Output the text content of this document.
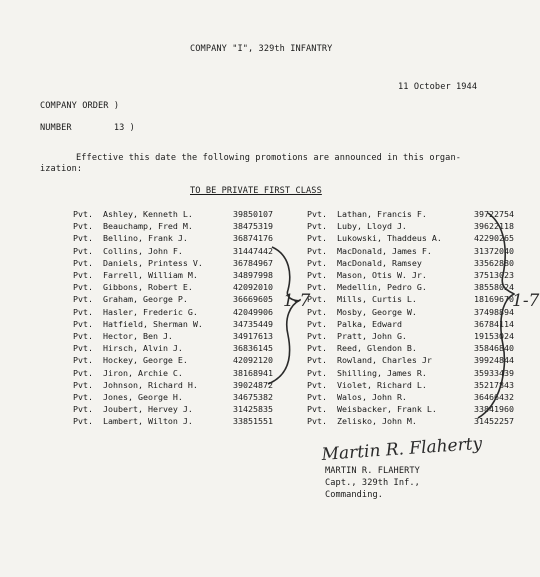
COMPANY "I", 329th INFANTRY
11 October 1944
COMPANY ORDER )
NUMBER	13 )
Effective this date the following promotions are announced in this organ-
ization:
TO BE PRIVATE FIRST CLASS
Pvt.	Ashley, Kenneth L.	39850107
Pvt.	Beauchamp, Fred M.	38475319
Pvt.	Bellino, Frank J.	36874176
Pvt.	Collins, John F.	31447442
Pvt.	Daniels, Printess V.	36784967
Pvt.	Farrell, William M.	34897998
Pvt.	Gibbons, Robert E.	42092010
Pvt.	Graham, George P.	36669605
Pvt.	Hasler, Frederic G.	42049906
Pvt.	Hatfield, Sherman W.	34735449
Pvt.	Hector, Ben J.	34917613
Pvt.	Hirsch, Alvin J.	36836145
Pvt.	Hockey, George E.	42092120
Pvt.	Jiron, Archie C.	38168941
Pvt.	Johnson, Richard H.	39024872
Pvt.	Jones, George H.	34675382
Pvt.	Joubert, Hervey J.	31425835
Pvt.	Lambert, Wilton J.	33851551
Pvt.	Lathan, Francis F.	39722754
Pvt.	Luby, Lloyd J.	39622118
Pvt.	Lukowski, Thaddeus A.	42290265
Pvt.	MacDonald, James F.	31372040
Pvt.	MacDonald, Ramsey	33562880
Pvt.	Mason, Otis W. Jr.	37513023
Pvt.	Medellin, Pedro G.	38558024
Pvt.	Mills, Curtis L.	18169670
Pvt.	Mosby, George W.	37498894
Pvt.	Palka, Edward	36784114
Pvt.	Pratt, John G.	19153024
Pvt.	Reed, Glendon B.	35846840
Pvt.	Rowland, Charles Jr	39924844
Pvt.	Shilling, James R.	35933439
Pvt.	Violet, Richard L.	35217843
Pvt.	Walos, John R.	36466432
Pvt.	Weisbacker, Frank L.	33841960
Pvt.	Zelisko, John M.	31452257
1-7	1-7
Martin R. Flaherty
MARTIN R. FLAHERTY
Capt., 329th Inf.,
Commanding.
